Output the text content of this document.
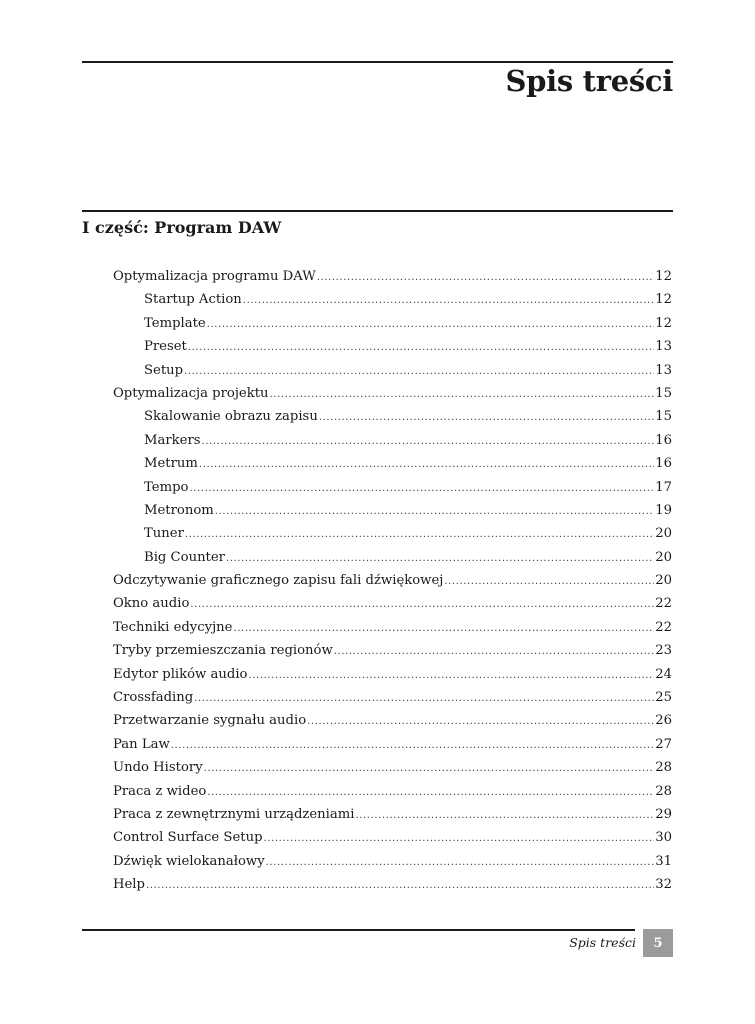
Spis treści
I część: Program DAW
Optymalizacja programu DAW .....	12
Startup Action .....	12
Template .....	12
Preset .....	13
Setup .....	13
Optymalizacja projektu .....	15
Skalowanie obrazu zapisu .....	15
Markers .....	16
Metrum .....	16
Tempo .....	17
Metronom .....	19
Tuner .....	20
Big Counter .....	20
Odczytywanie graficznego zapisu fali dźwiękowej .....	20
Okno audio .....	22
Techniki edycyjne .....	22
Tryby przemieszczania regionów .....	23
Edytor plików audio .....	24
Crossfading .....	25
Przetwarzanie sygnału audio .....	26
Pan Law .....	27
Undo History .....	28
Praca z wideo .....	28
Praca z zewnętrznymi urządzeniami .....	29
Control Surface Setup .....	30
Dźwięk wielokanałowy .....	31
Help .....	32
Spis treści	5
